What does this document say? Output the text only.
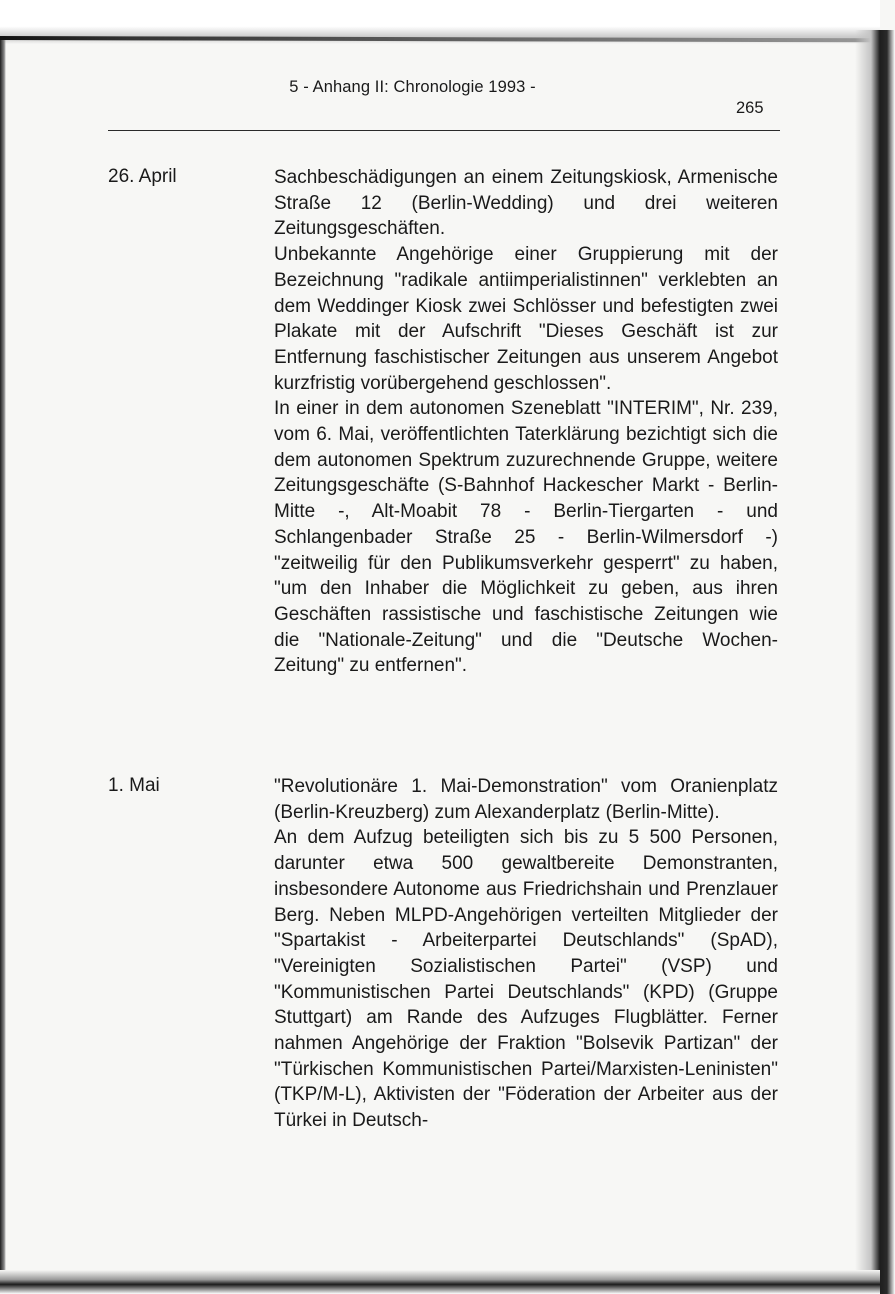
5 - Anhang II: Chronologie 1993 -
265
26. April	Sachbeschädigungen an einem Zeitungskiosk, Armenische Straße 12 (Berlin-Wedding) und drei weiteren Zeitungsgeschäften.

Unbekannte Angehörige einer Gruppierung mit der Bezeichnung "radikale antiimperialistinnen" verklebten an dem Weddinger Kiosk zwei Schlösser und befestigten zwei Plakate mit der Aufschrift "Dieses Geschäft ist zur Entfernung faschistischer Zeitungen aus unserem Angebot kurzfristig vorübergehend geschlossen".

In einer in dem autonomen Szeneblatt "INTERIM", Nr. 239, vom 6. Mai, veröffentlichten Taterklärung bezichtigt sich die dem autonomen Spektrum zuzurechnende Gruppe, weitere Zeitungsgeschäfte (S-Bahnhof Hackescher Markt - Berlin-Mitte -, Alt-Moabit 78 - Berlin-Tiergarten - und Schlangenbader Straße 25 - Berlin-Wilmersdorf -) "zeitweilig für den Publikumsverkehr gesperrt" zu haben, "um den Inhaber die Möglichkeit zu geben, aus ihren Geschäften rassistische und faschistische Zeitungen wie die "Nationale-Zeitung" und die "Deutsche Wochen-Zeitung" zu entfernen".

1. Mai	"Revolutionäre 1. Mai-Demonstration" vom Oranienplatz (Berlin-Kreuzberg) zum Alexanderplatz (Berlin-Mitte).

An dem Aufzug beteiligten sich bis zu 5 500 Personen, darunter etwa 500 gewaltbereite Demonstranten, insbesondere Autonome aus Friedrichshain und Prenzlauer Berg. Neben MLPD-Angehörigen verteilten Mitglieder der "Spartakist - Arbeiterpartei Deutschlands" (SpAD), "Vereinigten Sozialistischen Partei" (VSP) und "Kommunistischen Partei Deutschlands" (KPD) (Gruppe Stuttgart) am Rande des Aufzuges Flugblätter. Ferner nahmen Angehörige der Fraktion "Bolsevik Partizan" der "Türkischen Kommunistischen Partei/Marxisten-Leninisten" (TKP/M-L), Aktivisten der "Föderation der Arbeiter aus der Türkei in Deutsch-
